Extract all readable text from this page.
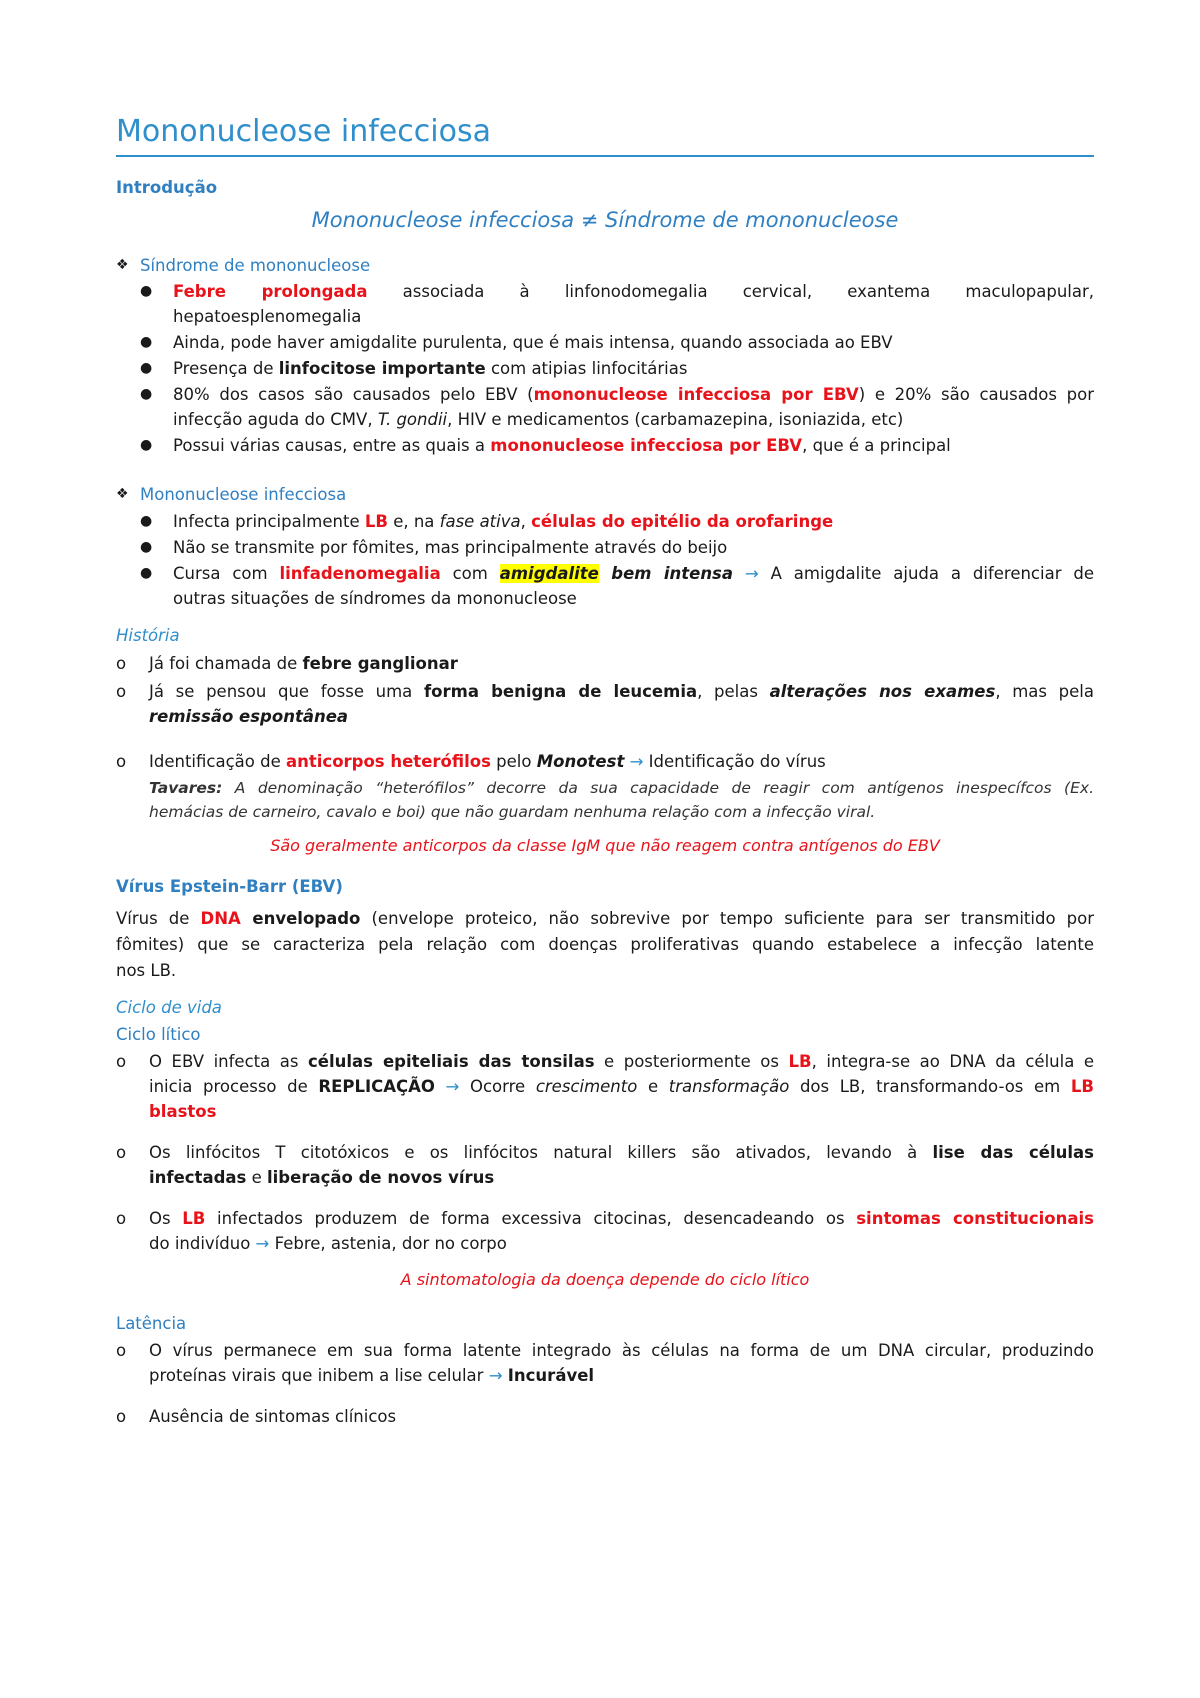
Mononucleose infecciosa
Introdução
Mononucleose infecciosa ≠ Síndrome de mononucleose
❖ Síndrome de mononucleose
● Febre prolongada associada à linfonodomegalia cervical, exantema maculopapular,
hepatoesplenomegalia
● Ainda, pode haver amigdalite purulenta, que é mais intensa, quando associada ao EBV
● Presença de linfocitose importante com atipias linfocitárias
● 80% dos casos são causados pelo EBV (mononucleose infecciosa por EBV) e 20% são causados por
infecção aguda do CMV, T. gondii, HIV e medicamentos (carbamazepina, isoniazida, etc)
● Possui várias causas, entre as quais a mononucleose infecciosa por EBV, que é a principal
❖ Mononucleose infecciosa
● Infecta principalmente LB e, na fase ativa, células do epitélio da orofaringe
● Não se transmite por fômites, mas principalmente através do beijo
● Cursa com linfadenomegalia com amigdalite bem intensa → A amigdalite ajuda a diferenciar de
outras situações de síndromes da mononucleose
História
o Já foi chamada de febre ganglionar
o Já se pensou que fosse uma forma benigna de leucemia, pelas alterações nos exames, mas pela
remissão espontânea
o Identificação de anticorpos heterófilos pelo Monotest → Identificação do vírus
Tavares: A denominação “heterófilos” decorre da sua capacidade de reagir com antígenos inespecífcos (Ex.
hemácias de carneiro, cavalo e boi) que não guardam nenhuma relação com a infecção viral.
São geralmente anticorpos da classe IgM que não reagem contra antígenos do EBV
Vírus Epstein-Barr (EBV)
Vírus de DNA envelopado (envelope proteico, não sobrevive por tempo suficiente para ser transmitido por
fômites) que se caracteriza pela relação com doenças proliferativas quando estabelece a infecção latente
nos LB.
Ciclo de vida
Ciclo lítico
o O EBV infecta as células epiteliais das tonsilas e posteriormente os LB, integra-se ao DNA da célula e
inicia processo de REPLICAÇÃO → Ocorre crescimento e transformação dos LB, transformando-os em LB
blastos
o Os linfócitos T citotóxicos e os linfócitos natural killers são ativados, levando à lise das células
infectadas e liberação de novos vírus
o Os LB infectados produzem de forma excessiva citocinas, desencadeando os sintomas constitucionais
do indivíduo → Febre, astenia, dor no corpo
A sintomatologia da doença depende do ciclo lítico
Latência
o O vírus permanece em sua forma latente integrado às células na forma de um DNA circular, produzindo
proteínas virais que inibem a lise celular → Incurável
o Ausência de sintomas clínicos
